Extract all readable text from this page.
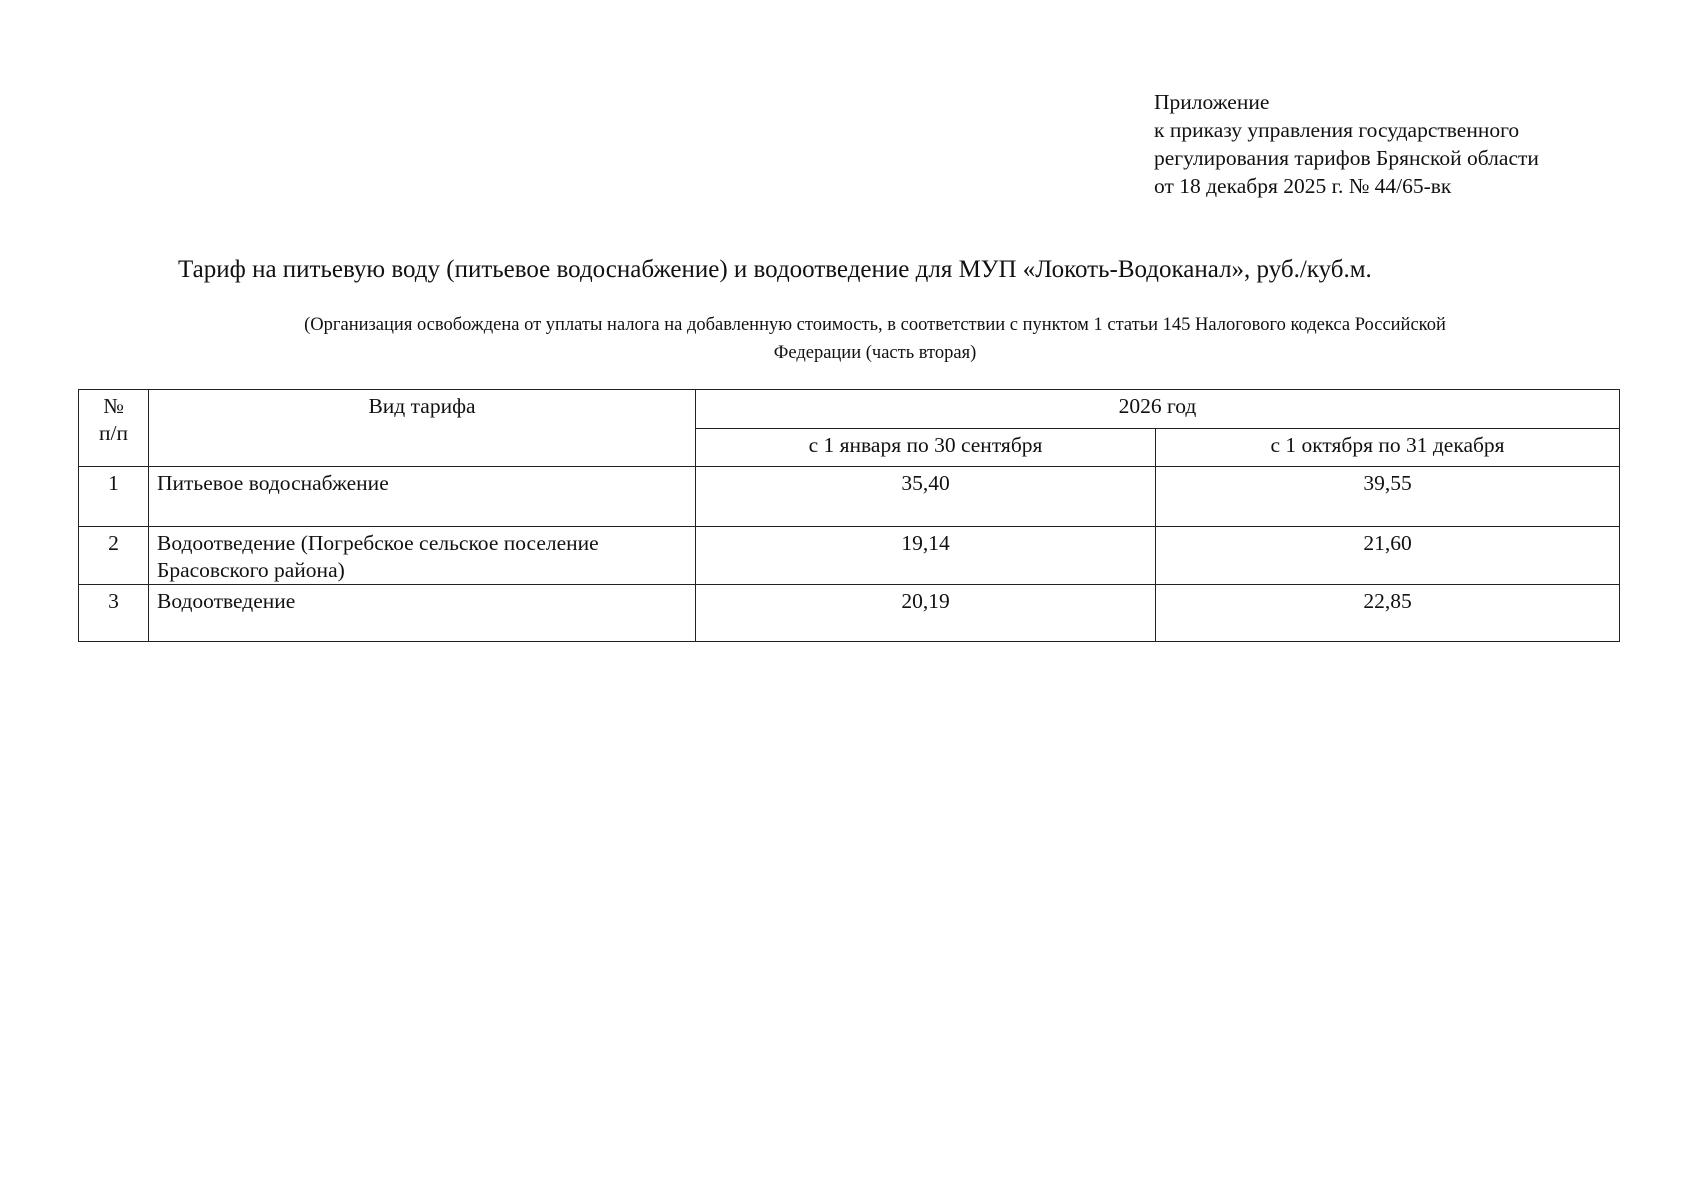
Приложение
к приказу управления государственного
регулирования тарифов Брянской области
от 18 декабря 2025 г. № 44/65-вк
Тариф на питьевую воду (питьевое водоснабжение) и водоотведение для МУП «Локоть-Водоканал», руб./куб.м.
(Организация освобождена от уплаты налога на добавленную стоимость, в соответствии с пунктом 1 статьи 145 Налогового кодекса Российской
Федерации (часть вторая)
№
п/п	Вид тарифа	2026 год	
		с 1 января по 30 сентября	с 1 октября по 31 декабря
1	Питьевое водоснабжение	35,40	39,55
2	Водоотведение (Погребское сельское поселение
Брасовского района)	19,14	21,60
3	Водоотведение	20,19	22,85
